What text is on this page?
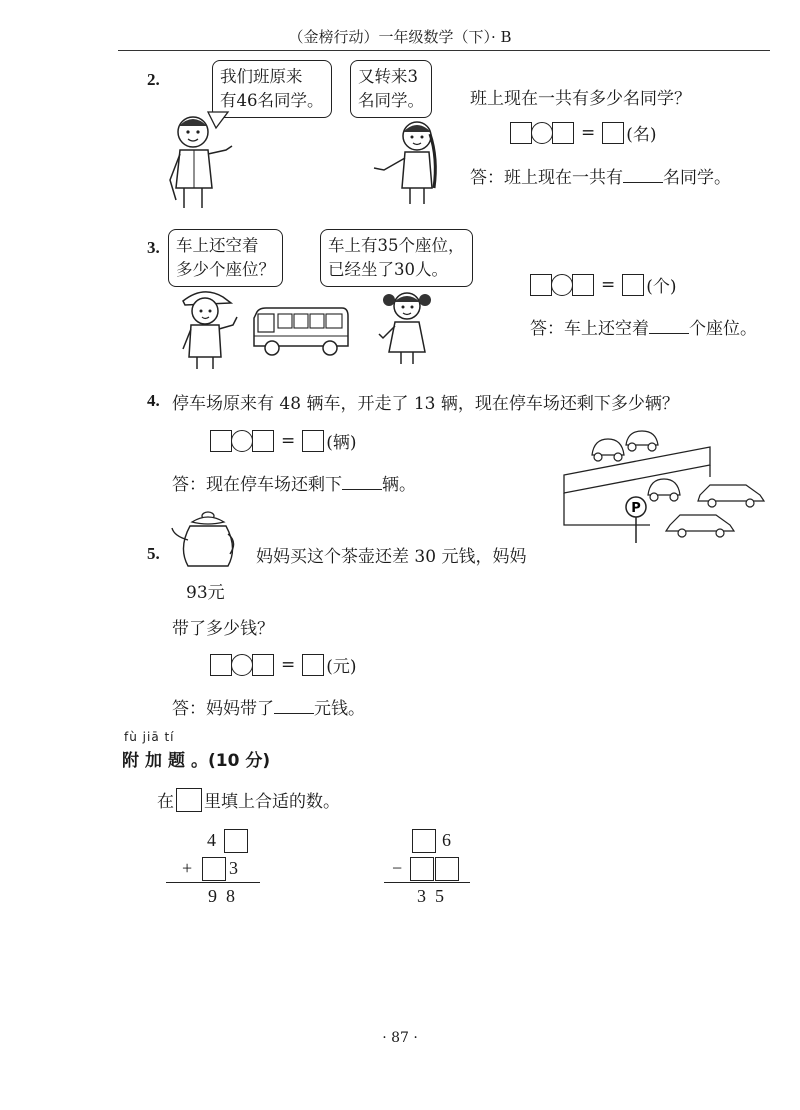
（金榜行动）一年级数学（下）· B
2.	我们班原来
有46名同学。
又转来3
名同学。	班上现在一共有多少名同学？
= (名)
答：班上现在一共有 名同学。
3. 车上还空着
多少个座位？
车上有35个座位，
已经坐了30人。
= (个)
答：车上还空着 个座位。
4. 停车场原来有 48 辆车，开走了 13 辆，现在停车场还剩下多少辆？
= (辆)
答：现在停车场还剩下 辆。
P
5.
93元
妈妈买这个茶壶还差 30 元钱，妈妈
带了多少钱？
= (元)
答：妈妈带了 元钱。
fù jiā tí
附加题。(10 分)
在 里填上合适的数。
4
+ 3
9  8
6
−
3  5
· 87 ·
